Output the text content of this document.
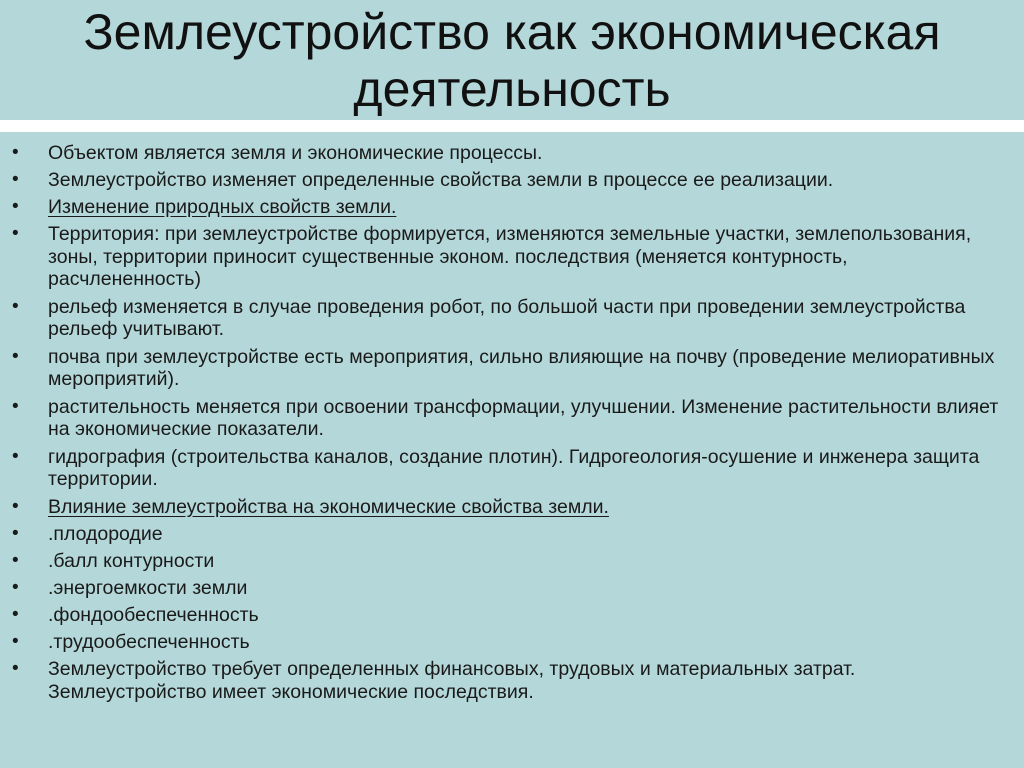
Землеустройство как экономическая
деятельность
• Объектом является земля и экономические процессы.
• Землеустройство изменяет определенные свойства земли в процессе ее реализации.
• Изменение природных свойств земли.
• Территория: при землеустройстве формируется, изменяются земельные участки, землепользования, зоны, территории приносит существенные эконом. последствия (меняется контурность, расчлененность)
• рельеф изменяется в случае проведения робот, по большой части при проведении землеустройства рельеф учитывают.
• почва при землеустройстве есть мероприятия, сильно влияющие на почву (проведение мелиоративных мероприятий).
• растительность меняется при освоении трансформации, улучшении. Изменение растительности влияет на экономические показатели.
• гидрография (строительства каналов, создание плотин). Гидрогеология-осушение и инженера защита территории.
• Влияние землеустройства на экономические свойства земли.
• .плодородие
• .балл контурности
• .энергоемкости земли
• .фондообеспеченность
• .трудообеспеченность
• Землеустройство требует определенных финансовых, трудовых и материальных затрат. Землеустройство имеет экономические последствия.
